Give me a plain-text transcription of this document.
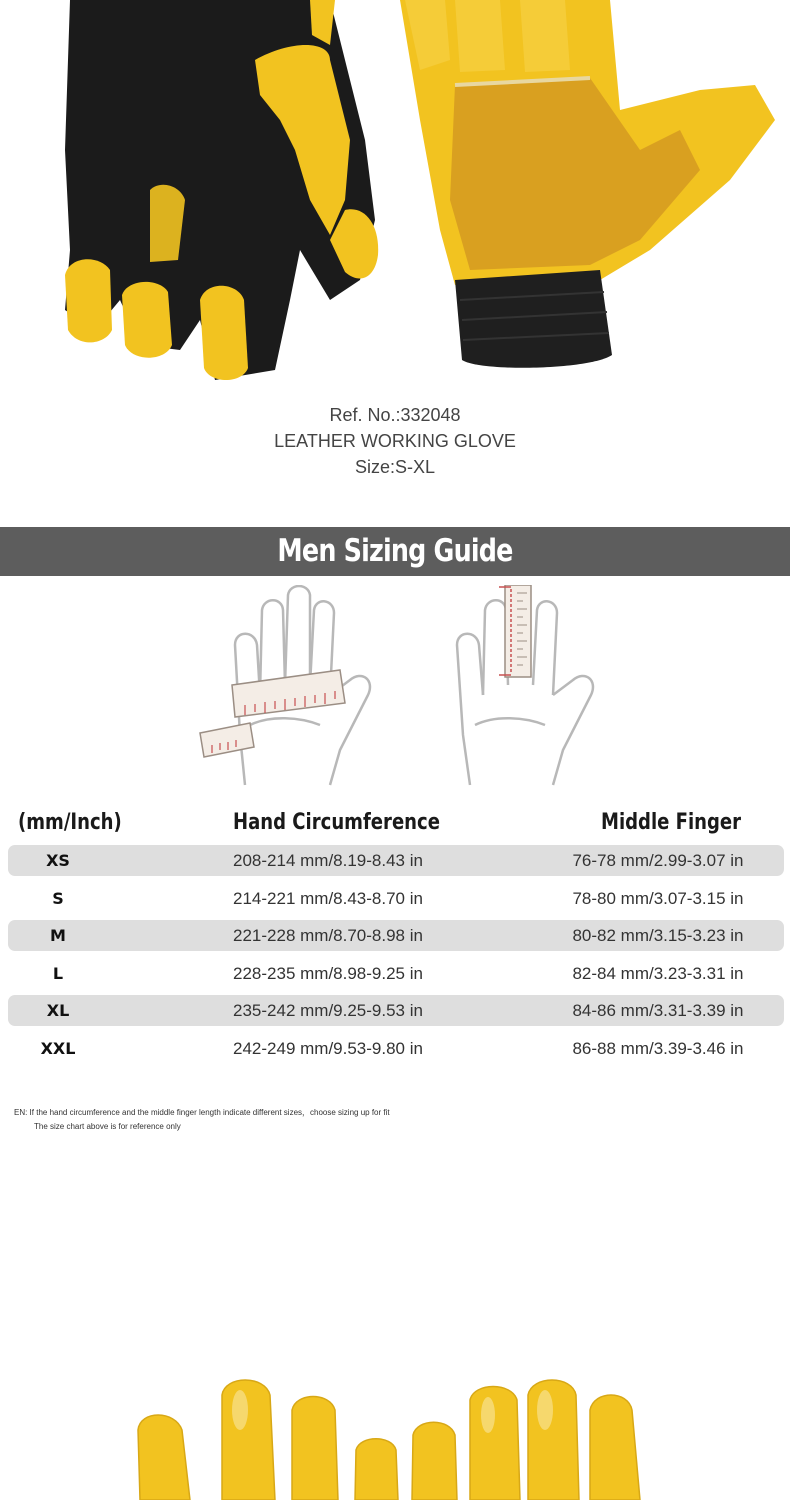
Ref. No.:332048
LEATHER WORKING GLOVE
Size:S-XL
Men Sizing Guide
(mm/Inch)	Hand Circumference	Middle Finger
XS	208-214 mm/8.19-8.43 in	76-78 mm/2.99-3.07 in
S	214-221 mm/8.43-8.70 in	78-80 mm/3.07-3.15 in
M	221-228 mm/8.70-8.98 in	80-82 mm/3.15-3.23 in
L	228-235 mm/8.98-9.25 in	82-84 mm/3.23-3.31 in
XL	235-242 mm/9.25-9.53 in	84-86 mm/3.31-3.39 in
XXL	242-249 mm/9.53-9.80 in	86-88 mm/3.39-3.46 in
EN: If the hand circumference and the middle finger length indicate different sizes，choose sizing up for fit
The size chart above is for reference only
